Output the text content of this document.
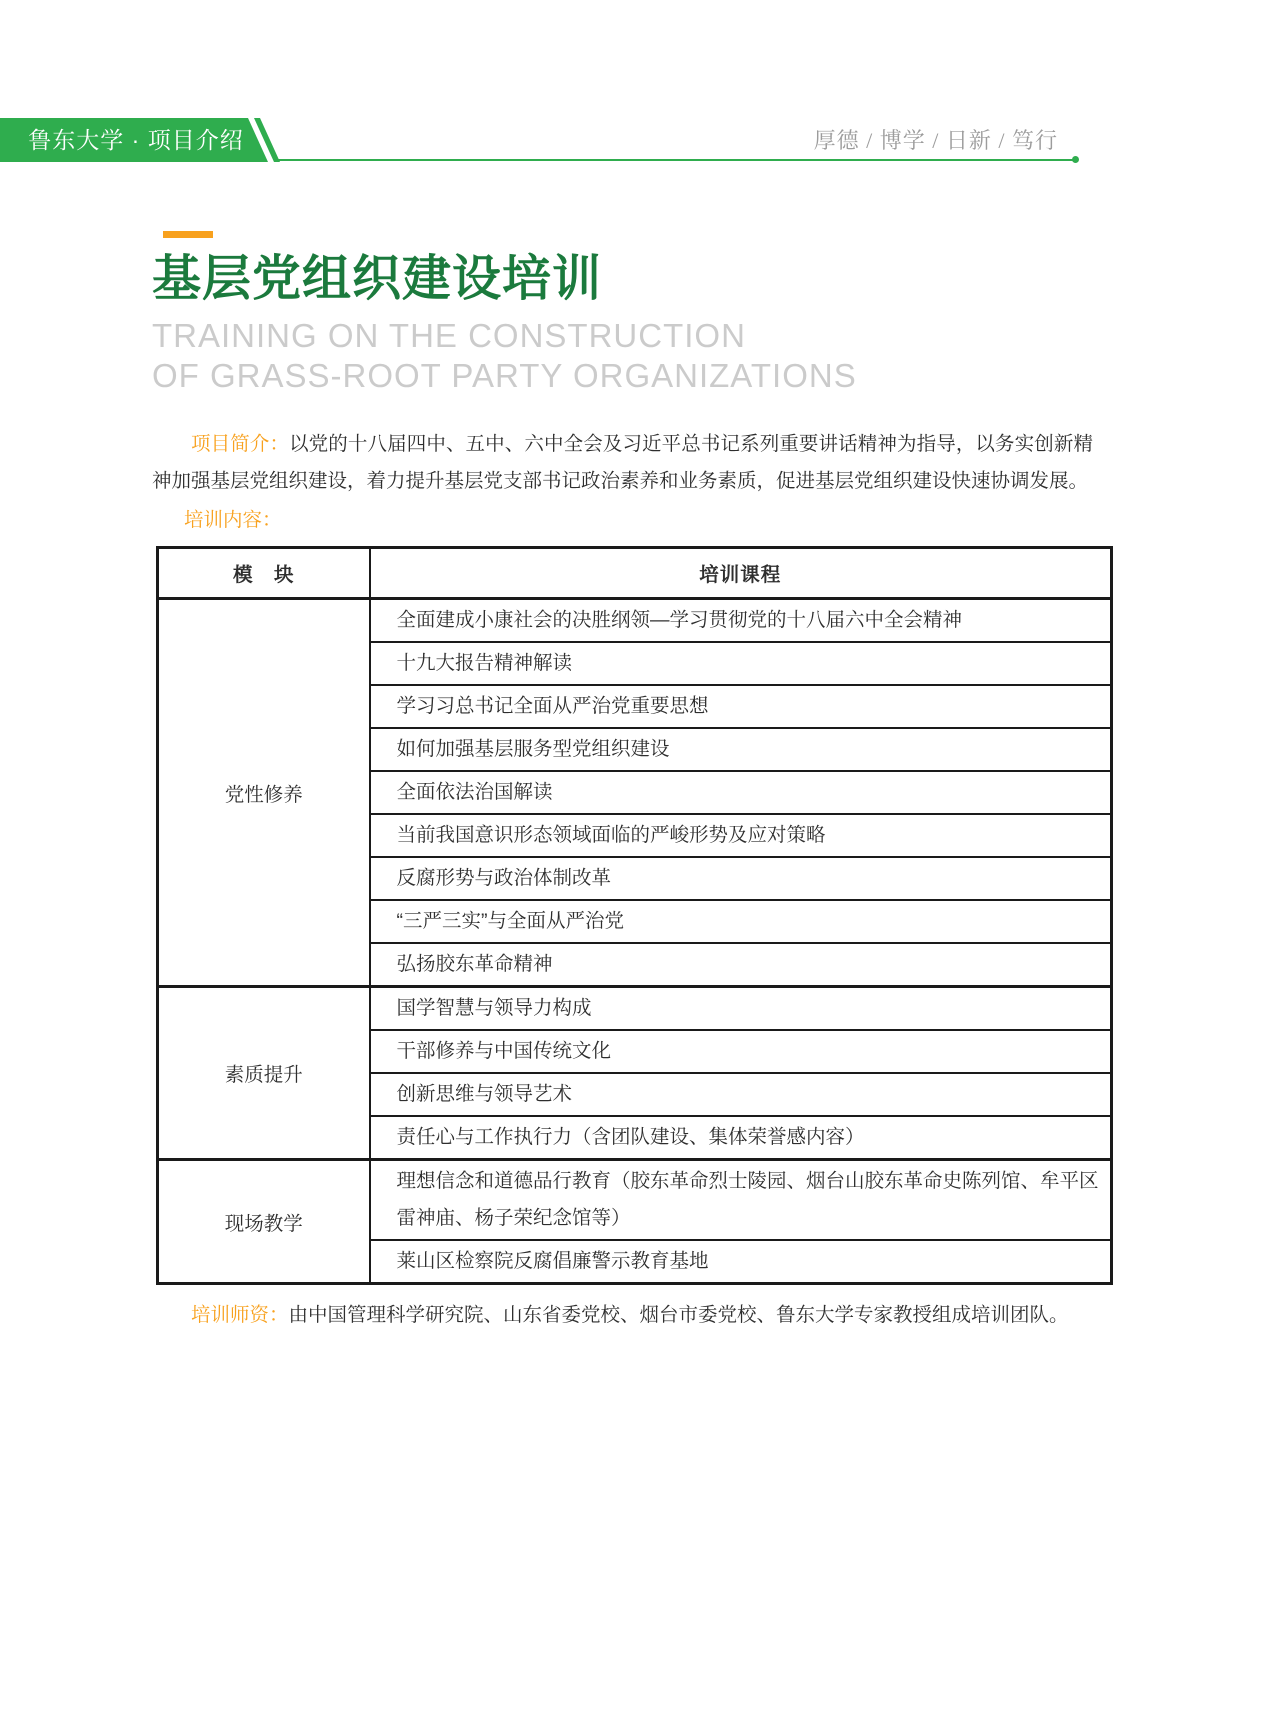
鲁东大学 · 项目介绍	厚德 / 博学 / 日新 / 笃行
基层党组织建设培训
TRAINING ON THE CONSTRUCTION
OF GRASS-ROOT PARTY ORGANIZATIONS

项目简介：以党的十八届四中、五中、六中全会及习近平总书记系列重要讲话精神为指导，以务实创新精神加强基层党组织建设，着力提升基层党支部书记政治素养和业务素质，促进基层党组织建设快速协调发展。

培训内容：
模　块	培训课程
党性修养	全面建成小康社会的决胜纲领—学习贯彻党的十八届六中全会精神
	十九大报告精神解读
	学习习总书记全面从严治党重要思想
	如何加强基层服务型党组织建设
	全面依法治国解读
	当前我国意识形态领域面临的严峻形势及应对策略
	反腐形势与政治体制改革
	“三严三实”与全面从严治党
	弘扬胶东革命精神
素质提升	国学智慧与领导力构成
	干部修养与中国传统文化
	创新思维与领导艺术
	责任心与工作执行力（含团队建设、集体荣誉感内容）
现场教学	理想信念和道德品行教育（胶东革命烈士陵园、烟台山胶东革命史陈列馆、牟平区雷神庙、杨子荣纪念馆等）
	莱山区检察院反腐倡廉警示教育基地

培训师资：由中国管理科学研究院、山东省委党校、烟台市委党校、鲁东大学专家教授组成培训团队。
